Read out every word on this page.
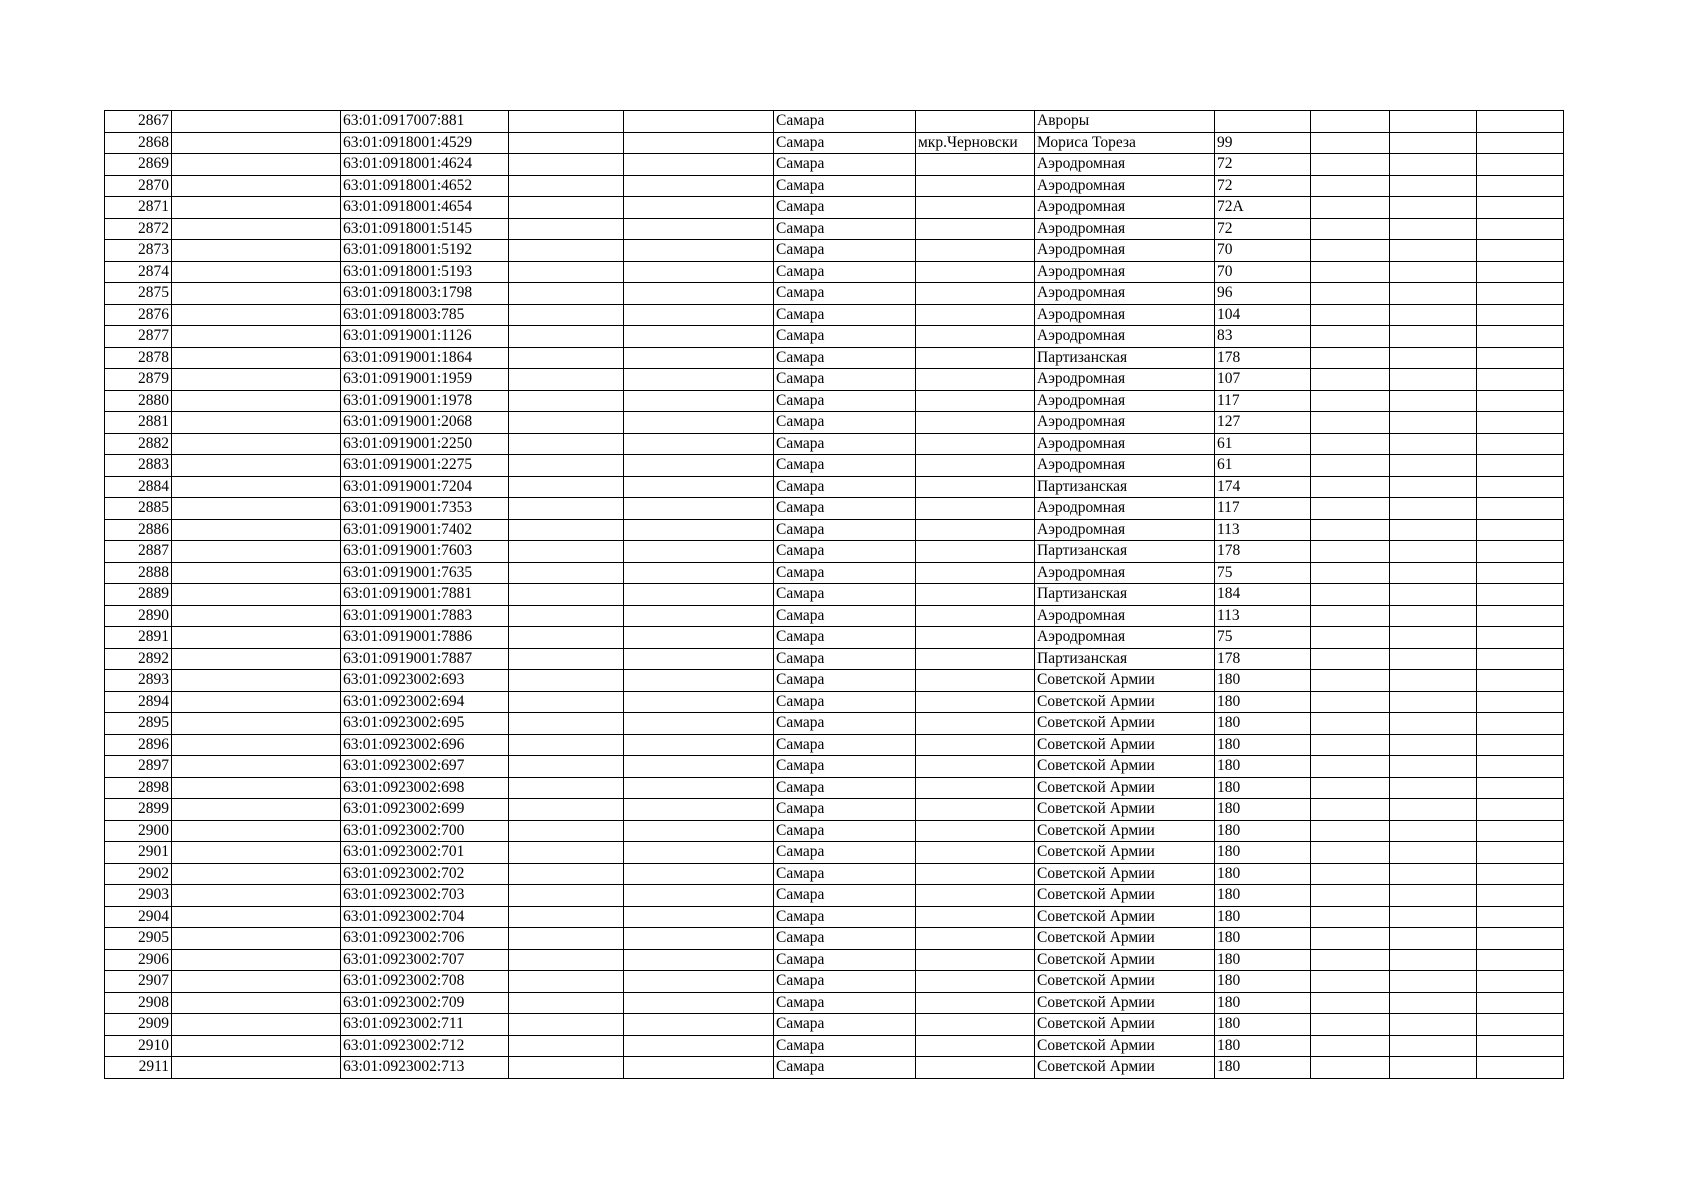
2867		63:01:0917007:881			Самара		Авроры				
2868		63:01:0918001:4529			Самара	мкр.Черновски	Мориса Тореза	99			
2869		63:01:0918001:4624			Самара		Аэродромная	72			
2870		63:01:0918001:4652			Самара		Аэродромная	72			
2871		63:01:0918001:4654			Самара		Аэродромная	72А			
2872		63:01:0918001:5145			Самара		Аэродромная	72			
2873		63:01:0918001:5192			Самара		Аэродромная	70			
2874		63:01:0918001:5193			Самара		Аэродромная	70			
2875		63:01:0918003:1798			Самара		Аэродромная	96			
2876		63:01:0918003:785			Самара		Аэродромная	104			
2877		63:01:0919001:1126			Самара		Аэродромная	83			
2878		63:01:0919001:1864			Самара		Партизанская	178			
2879		63:01:0919001:1959			Самара		Аэродромная	107			
2880		63:01:0919001:1978			Самара		Аэродромная	117			
2881		63:01:0919001:2068			Самара		Аэродромная	127			
2882		63:01:0919001:2250			Самара		Аэродромная	61			
2883		63:01:0919001:2275			Самара		Аэродромная	61			
2884		63:01:0919001:7204			Самара		Партизанская	174			
2885		63:01:0919001:7353			Самара		Аэродромная	117			
2886		63:01:0919001:7402			Самара		Аэродромная	113			
2887		63:01:0919001:7603			Самара		Партизанская	178			
2888		63:01:0919001:7635			Самара		Аэродромная	75			
2889		63:01:0919001:7881			Самара		Партизанская	184			
2890		63:01:0919001:7883			Самара		Аэродромная	113			
2891		63:01:0919001:7886			Самара		Аэродромная	75			
2892		63:01:0919001:7887			Самара		Партизанская	178			
2893		63:01:0923002:693			Самара		Советской Армии	180			
2894		63:01:0923002:694			Самара		Советской Армии	180			
2895		63:01:0923002:695			Самара		Советской Армии	180			
2896		63:01:0923002:696			Самара		Советской Армии	180			
2897		63:01:0923002:697			Самара		Советской Армии	180			
2898		63:01:0923002:698			Самара		Советской Армии	180			
2899		63:01:0923002:699			Самара		Советской Армии	180			
2900		63:01:0923002:700			Самара		Советской Армии	180			
2901		63:01:0923002:701			Самара		Советской Армии	180			
2902		63:01:0923002:702			Самара		Советской Армии	180			
2903		63:01:0923002:703			Самара		Советской Армии	180			
2904		63:01:0923002:704			Самара		Советской Армии	180			
2905		63:01:0923002:706			Самара		Советской Армии	180			
2906		63:01:0923002:707			Самара		Советской Армии	180			
2907		63:01:0923002:708			Самара		Советской Армии	180			
2908		63:01:0923002:709			Самара		Советской Армии	180			
2909		63:01:0923002:711			Самара		Советской Армии	180			
2910		63:01:0923002:712			Самара		Советской Армии	180			
2911		63:01:0923002:713			Самара		Советской Армии	180			
